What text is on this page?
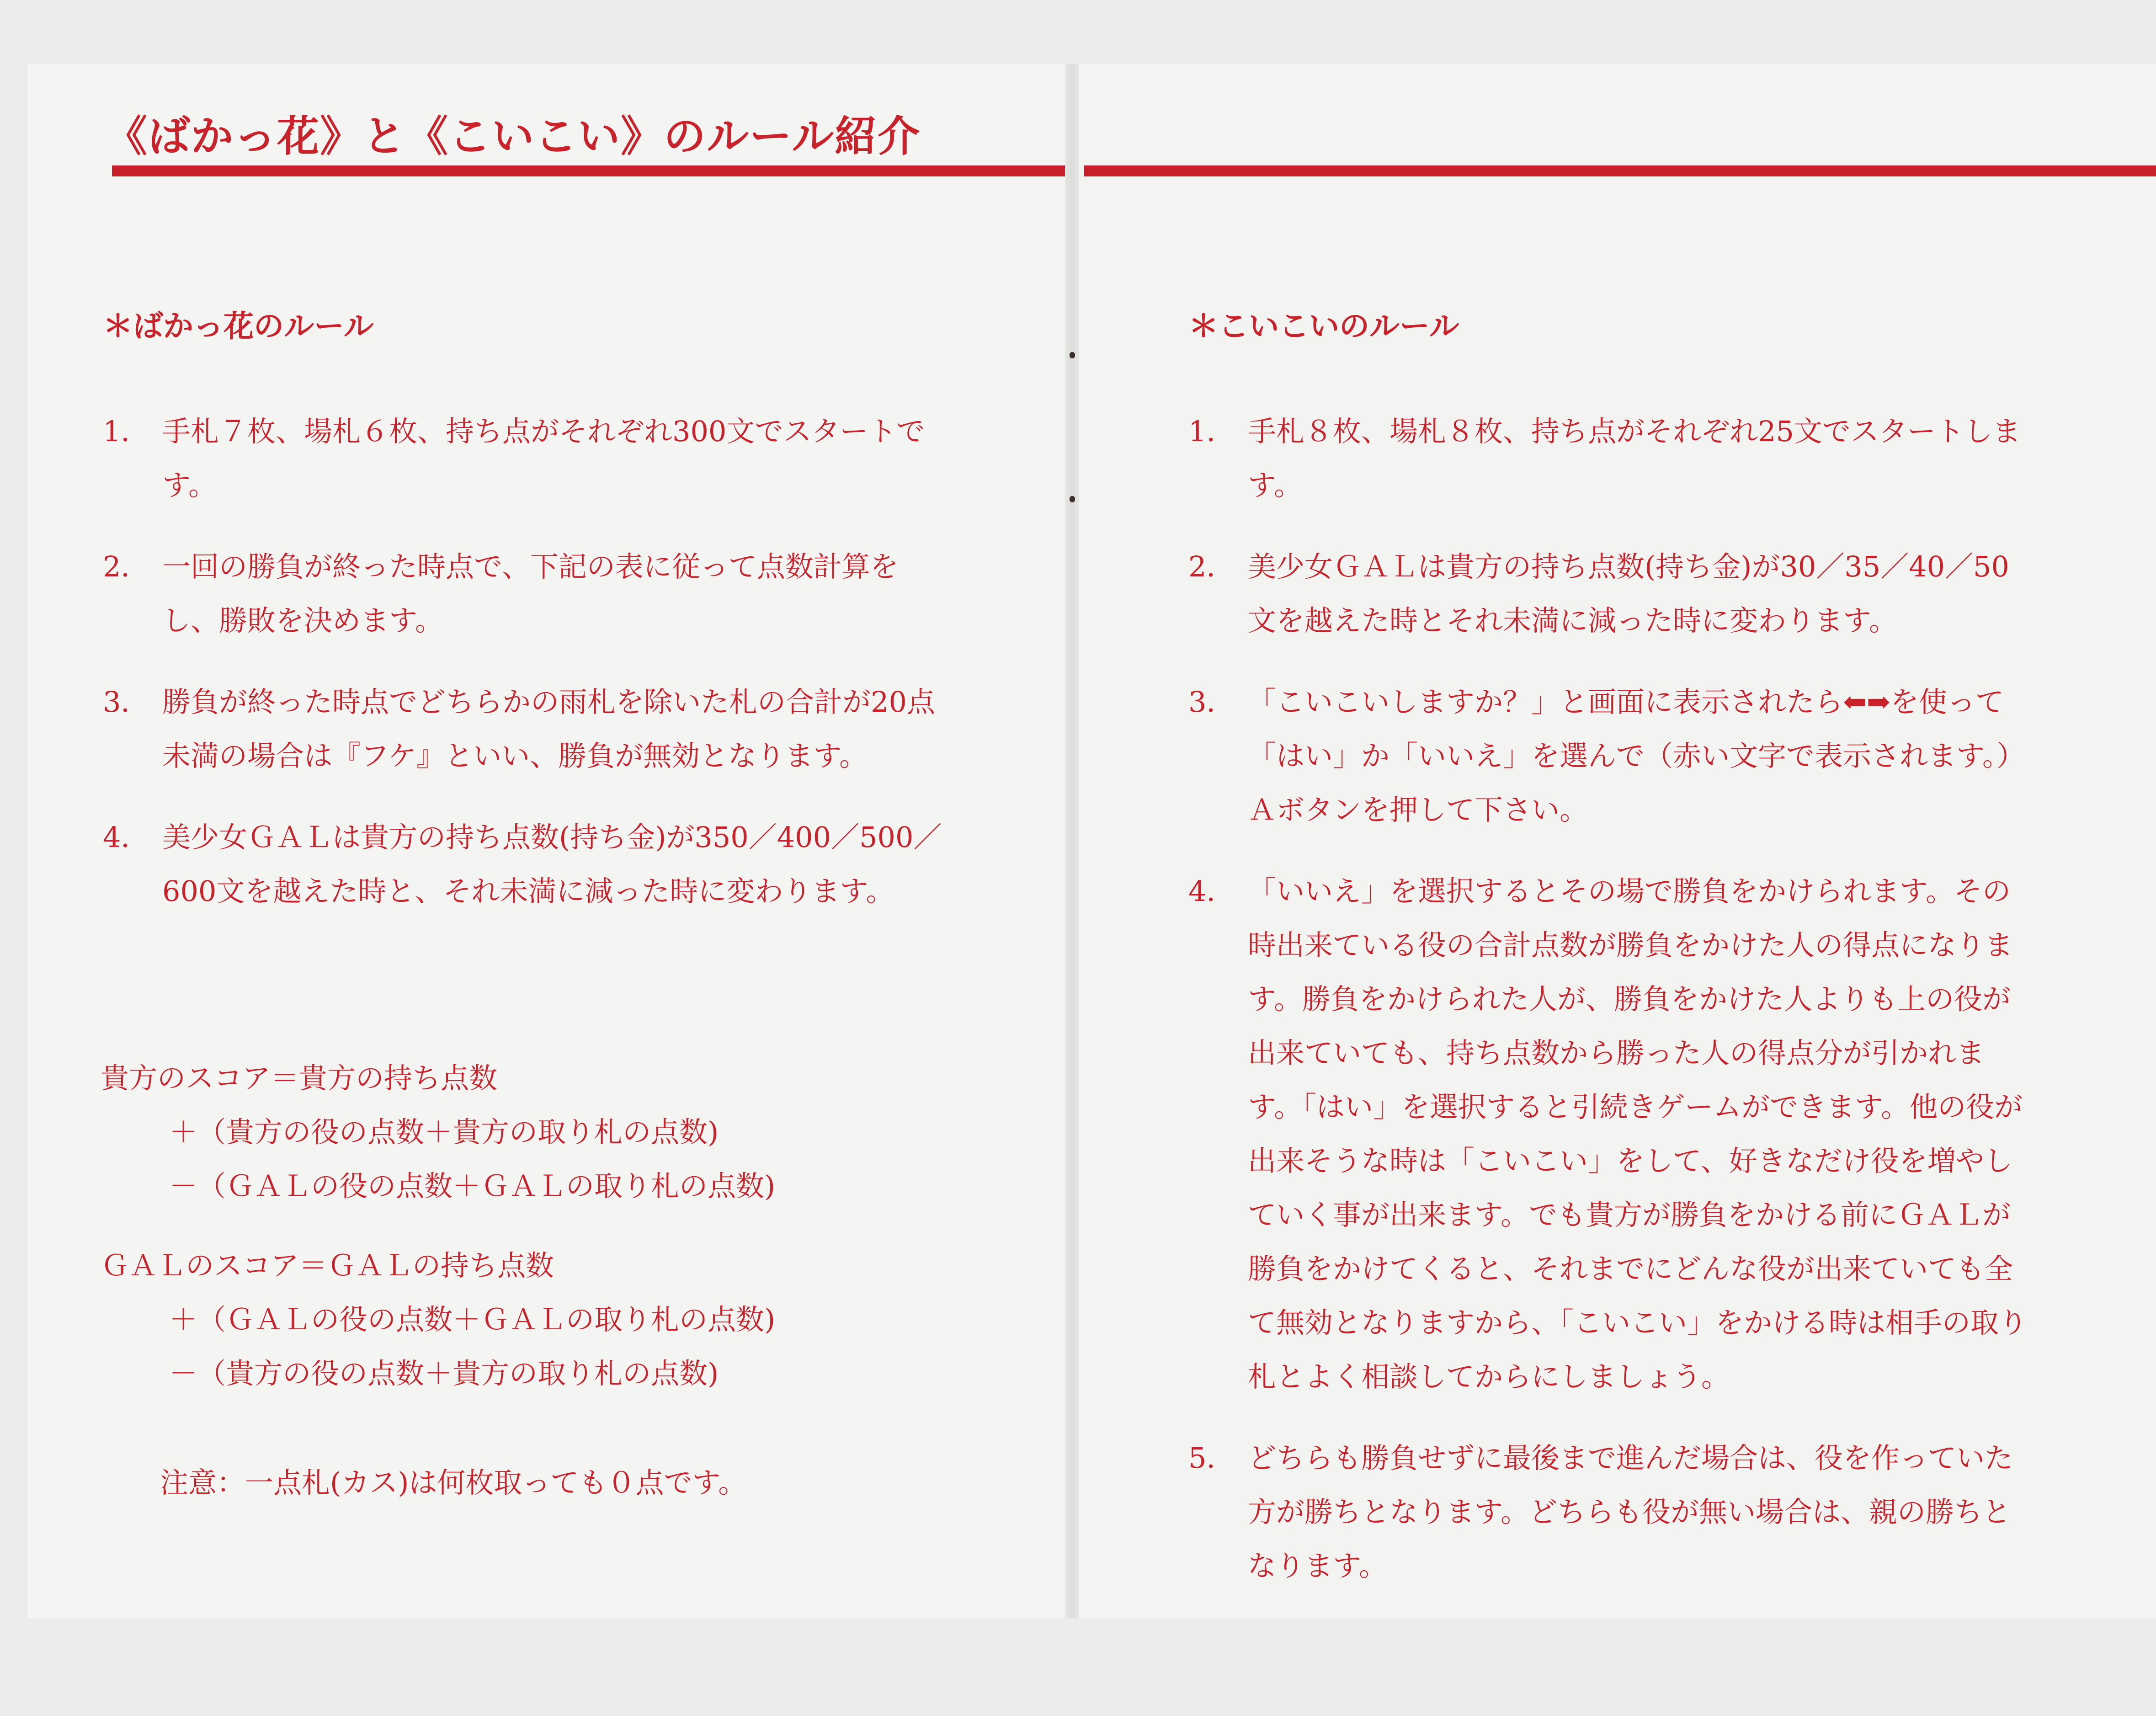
《ばかっ花》と《こいこい》のルール紹介
＊ばかっ花のルール
1． 手札７枚、場札６枚、持ち点がそれぞれ300文でスタートです。
2． 一回の勝負が終った時点で、下記の表に従って点数計算をし、勝敗を決めます。
3． 勝負が終った時点でどちらかの雨札を除いた札の合計が20点未満の場合は『フケ』といい、勝負が無効となります。
4． 美少女ＧＡＬは貴方の持ち点数(持ち金)が350／400／500／600文を越えた時と、それ未満に減った時に変わります。
貴方のスコア＝貴方の持ち点数
＋（貴方の役の点数＋貴方の取り札の点数)
－（ＧＡＬの役の点数＋ＧＡＬの取り札の点数)
ＧＡＬのスコア＝ＧＡＬの持ち点数
＋（ＧＡＬの役の点数＋ＧＡＬの取り札の点数)
－（貴方の役の点数＋貴方の取り札の点数)
注意：一点札(カス)は何枚取っても０点です。
＊こいこいのルール
1． 手札８枚、場札８枚、持ち点がそれぞれ25文でスタートします。
2． 美少女ＧＡＬは貴方の持ち点数(持ち金)が30／35／40／50文を越えた時とそれ未満に減った時に変わります。
3． 「こいこいしますか？」と画面に表示されたら⬅➡を使って「はい」か「いいえ」を選んで（赤い文字で表示されます。）Ａボタンを押して下さい。
4． 「いいえ」を選択するとその場で勝負をかけられます。その時出来ている役の合計点数が勝負をかけた人の得点になります。勝負をかけられた人が、勝負をかけた人よりも上の役が出来ていても、持ち点数から勝った人の得点分が引かれます。「はい」を選択すると引続きゲームができます。他の役が出来そうな時は「こいこい」をして、好きなだけ役を増やしていく事が出来ます。でも貴方が勝負をかける前にＧＡＬが勝負をかけてくると、それまでにどんな役が出来ていても全て無効となりますから、「こいこい」をかける時は相手の取り札とよく相談してからにしましょう。
5． どちらも勝負せずに最後まで進んだ場合は、役を作っていた方が勝ちとなります。どちらも役が無い場合は、親の勝ちとなります。
